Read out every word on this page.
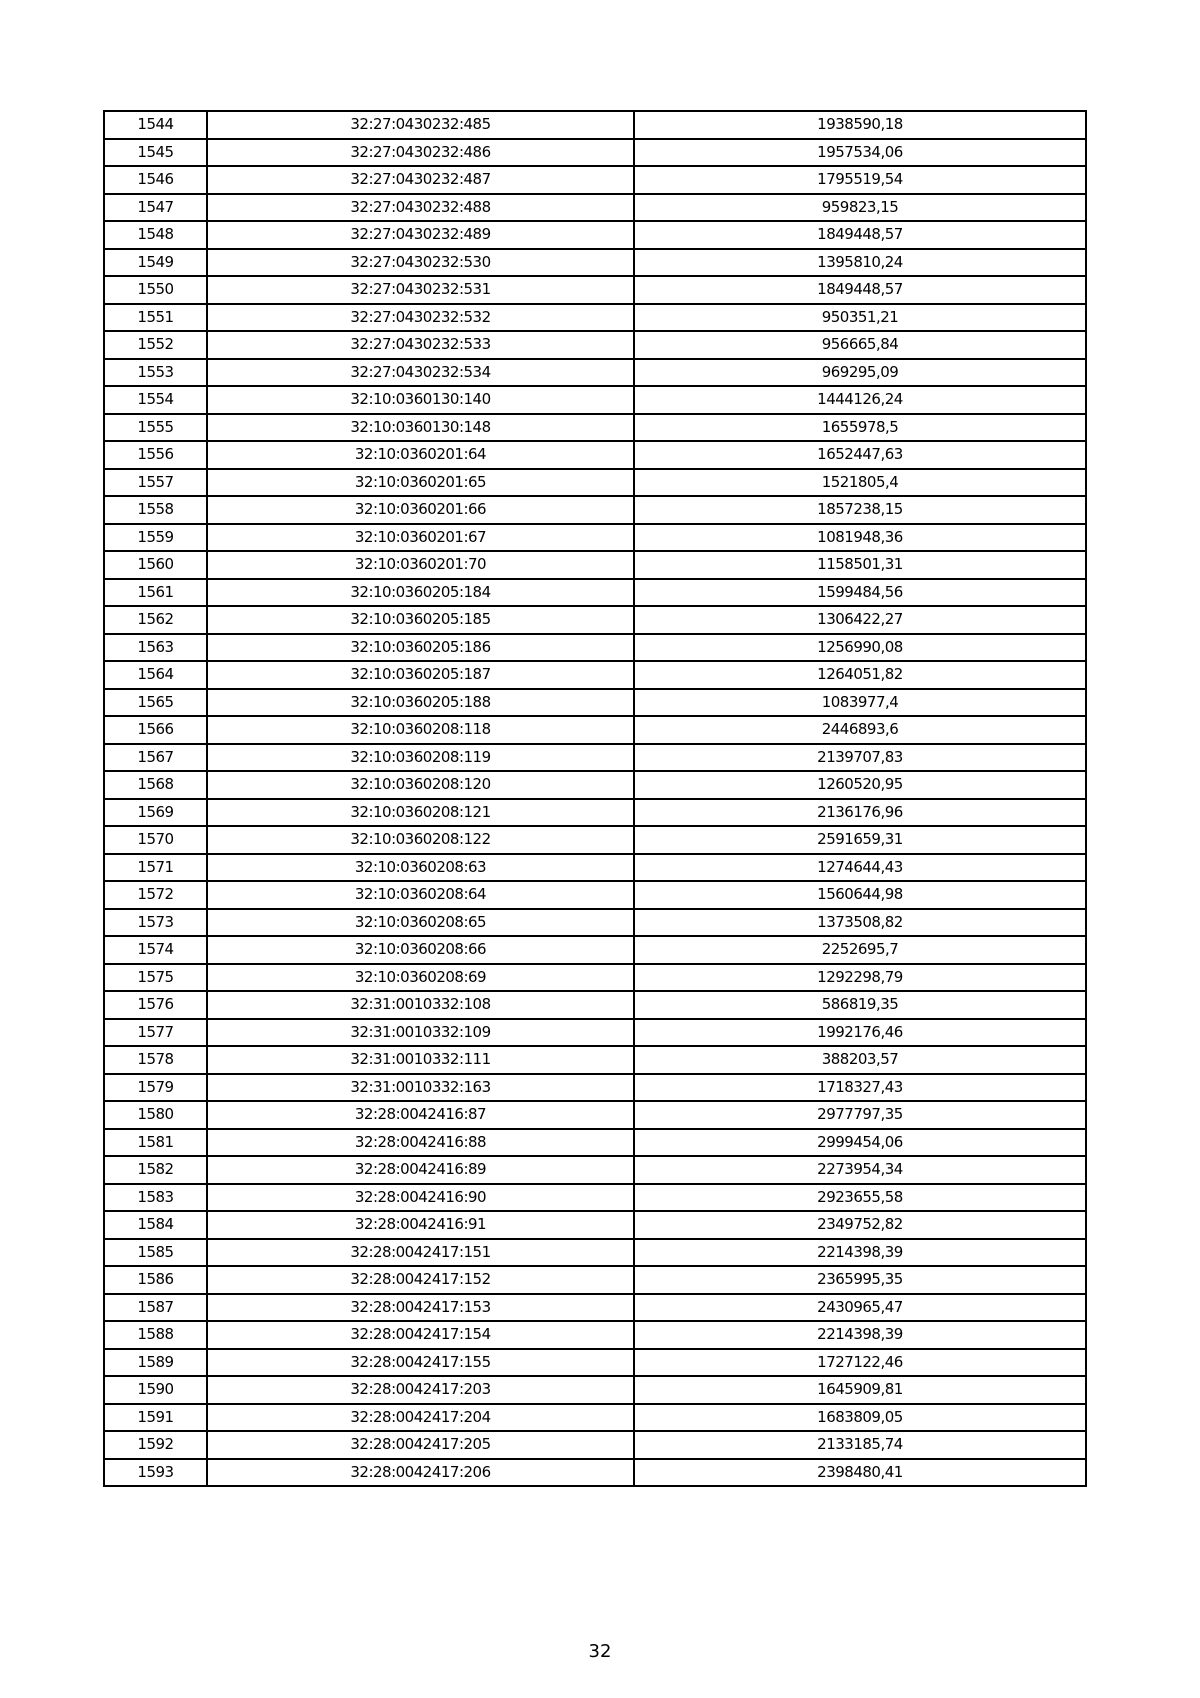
1544	32:27:0430232:485	1938590,18
1545	32:27:0430232:486	1957534,06
1546	32:27:0430232:487	1795519,54
1547	32:27:0430232:488	959823,15
1548	32:27:0430232:489	1849448,57
1549	32:27:0430232:530	1395810,24
1550	32:27:0430232:531	1849448,57
1551	32:27:0430232:532	950351,21
1552	32:27:0430232:533	956665,84
1553	32:27:0430232:534	969295,09
1554	32:10:0360130:140	1444126,24
1555	32:10:0360130:148	1655978,5
1556	32:10:0360201:64	1652447,63
1557	32:10:0360201:65	1521805,4
1558	32:10:0360201:66	1857238,15
1559	32:10:0360201:67	1081948,36
1560	32:10:0360201:70	1158501,31
1561	32:10:0360205:184	1599484,56
1562	32:10:0360205:185	1306422,27
1563	32:10:0360205:186	1256990,08
1564	32:10:0360205:187	1264051,82
1565	32:10:0360205:188	1083977,4
1566	32:10:0360208:118	2446893,6
1567	32:10:0360208:119	2139707,83
1568	32:10:0360208:120	1260520,95
1569	32:10:0360208:121	2136176,96
1570	32:10:0360208:122	2591659,31
1571	32:10:0360208:63	1274644,43
1572	32:10:0360208:64	1560644,98
1573	32:10:0360208:65	1373508,82
1574	32:10:0360208:66	2252695,7
1575	32:10:0360208:69	1292298,79
1576	32:31:0010332:108	586819,35
1577	32:31:0010332:109	1992176,46
1578	32:31:0010332:111	388203,57
1579	32:31:0010332:163	1718327,43
1580	32:28:0042416:87	2977797,35
1581	32:28:0042416:88	2999454,06
1582	32:28:0042416:89	2273954,34
1583	32:28:0042416:90	2923655,58
1584	32:28:0042416:91	2349752,82
1585	32:28:0042417:151	2214398,39
1586	32:28:0042417:152	2365995,35
1587	32:28:0042417:153	2430965,47
1588	32:28:0042417:154	2214398,39
1589	32:28:0042417:155	1727122,46
1590	32:28:0042417:203	1645909,81
1591	32:28:0042417:204	1683809,05
1592	32:28:0042417:205	2133185,74
1593	32:28:0042417:206	2398480,41
32
